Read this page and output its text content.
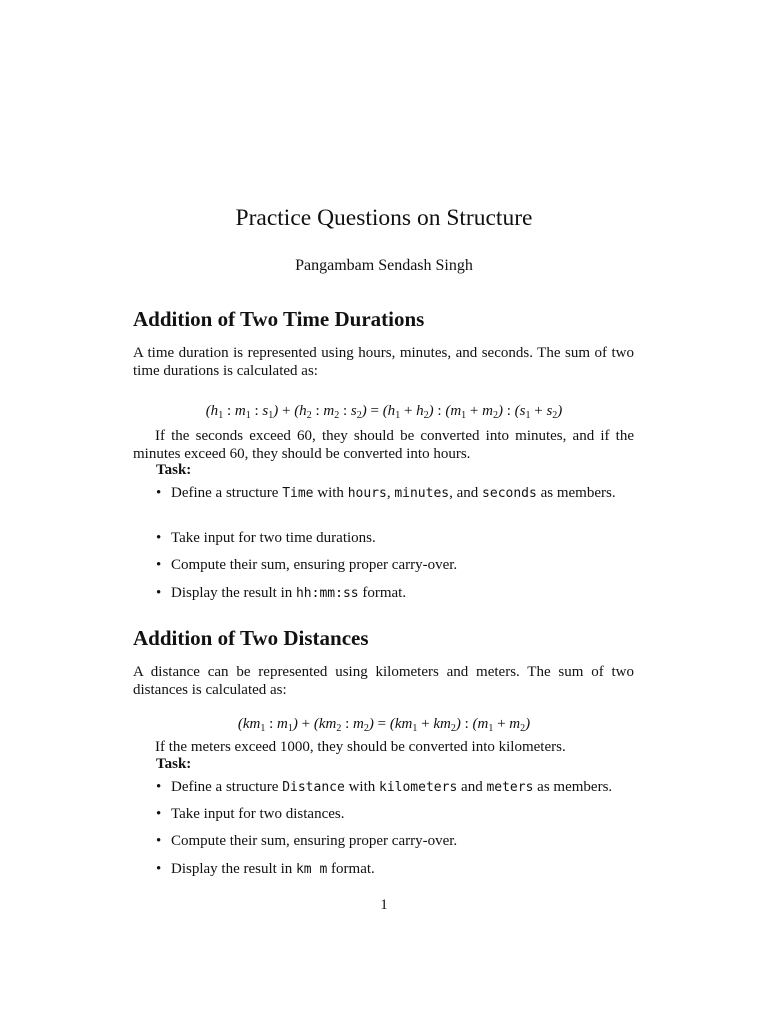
Practice Questions on Structure
Pangambam Sendash Singh
Addition of Two Time Durations

A time duration is represented using hours, minutes, and seconds. The sum of two time durations is calculated as:

($h_1$ : $m_1$ : $s_1) + (h_2$ : $m_2$ : $s_2) = (h_1 + h_2)$ : $(m_1 + m_2)$ : $(s_1 + s_2)$

If the seconds exceed 60, they should be converted into minutes, and if the minutes exceed 60, they should be converted into hours.

Task:
• Define a structure Time with hours, minutes, and seconds as members.
• Take input for two time durations.
• Compute their sum, ensuring proper carry-over.
• Display the result in hh:mm:ss format.
Addition of Two Distances

A distance can be represented using kilometers and meters. The sum of two distances is calculated as:

($km_1$ : $m_1) + (km_2$ : $m_2) = (km_1 + km_2)$ : $(m_1 + m_2)$

If the meters exceed 1000, they should be converted into kilometers.

Task:
• Define a structure Distance with kilometers and meters as members.
• Take input for two distances.
• Compute their sum, ensuring proper carry-over.
• Display the result in km m format.
1
